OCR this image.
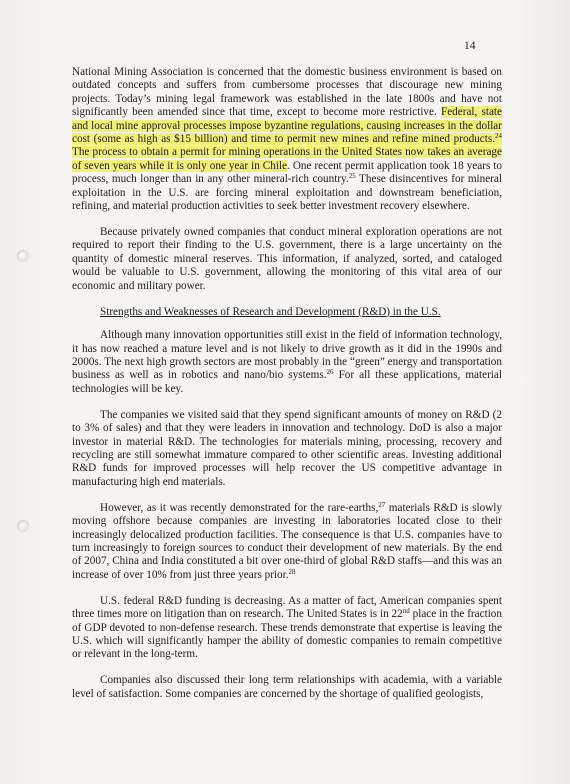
14

National Mining Association is concerned that the domestic business environment is based on outdated concepts and suffers from cumbersome processes that discourage new mining projects. Today’s mining legal framework was established in the late 1800s and have not significantly been amended since that time, except to become more restrictive. Federal, state and local mine approval processes impose byzantine regulations, causing increases in the dollar cost (some as high as $15 billion) and time to permit new mines and refine mined products.$^{24}$ The process to obtain a permit for mining operations in the United States now takes an average of seven years while it is only one year in Chile. One recent permit application took 18 years to process, much longer than in any other mineral-rich country.$^{25}$ These disincentives for mineral exploitation in the U.S. are forcing mineral exploitation and downstream beneficiation, refining, and material production activities to seek better investment recovery elsewhere.

Because privately owned companies that conduct mineral exploration operations are not required to report their finding to the U.S. government, there is a large uncertainty on the quantity of domestic mineral reserves. This information, if analyzed, sorted, and cataloged would be valuable to U.S. government, allowing the monitoring of this vital area of our economic and military power.

Strengths and Weaknesses of Research and Development (R&D) in the U.S.

Although many innovation opportunities still exist in the field of information technology, it has now reached a mature level and is not likely to drive growth as it did in the 1990s and 2000s. The next high growth sectors are most probably in the “green” energy and transportation business as well as in robotics and nano/bio systems.$^{26}$ For all these applications, material technologies will be key.

The companies we visited said that they spend significant amounts of money on R&D (2 to 3% of sales) and that they were leaders in innovation and technology. DoD is also a major investor in material R&D. The technologies for materials mining, processing, recovery and recycling are still somewhat immature compared to other scientific areas. Investing additional R&D funds for improved processes will help recover the US competitive advantage in manufacturing high end materials.

However, as it was recently demonstrated for the rare-earths,$^{27}$ materials R&D is slowly moving offshore because companies are investing in laboratories located close to their increasingly delocalized production facilities. The consequence is that U.S. companies have to turn increasingly to foreign sources to conduct their development of new materials. By the end of 2007, China and India constituted a bit over one-third of global R&D staffs—and this was an increase of over 10% from just three years prior.$^{28}$

U.S. federal R&D funding is decreasing. As a matter of fact, American companies spent three times more on litigation than on research. The United States is in 22nd place in the fraction of GDP devoted to non-defense research. These trends demonstrate that expertise is leaving the U.S. which will significantly hamper the ability of domestic companies to remain competitive or relevant in the long-term.

Companies also discussed their long term relationships with academia, with a variable level of satisfaction. Some companies are concerned by the shortage of qualified geologists,
